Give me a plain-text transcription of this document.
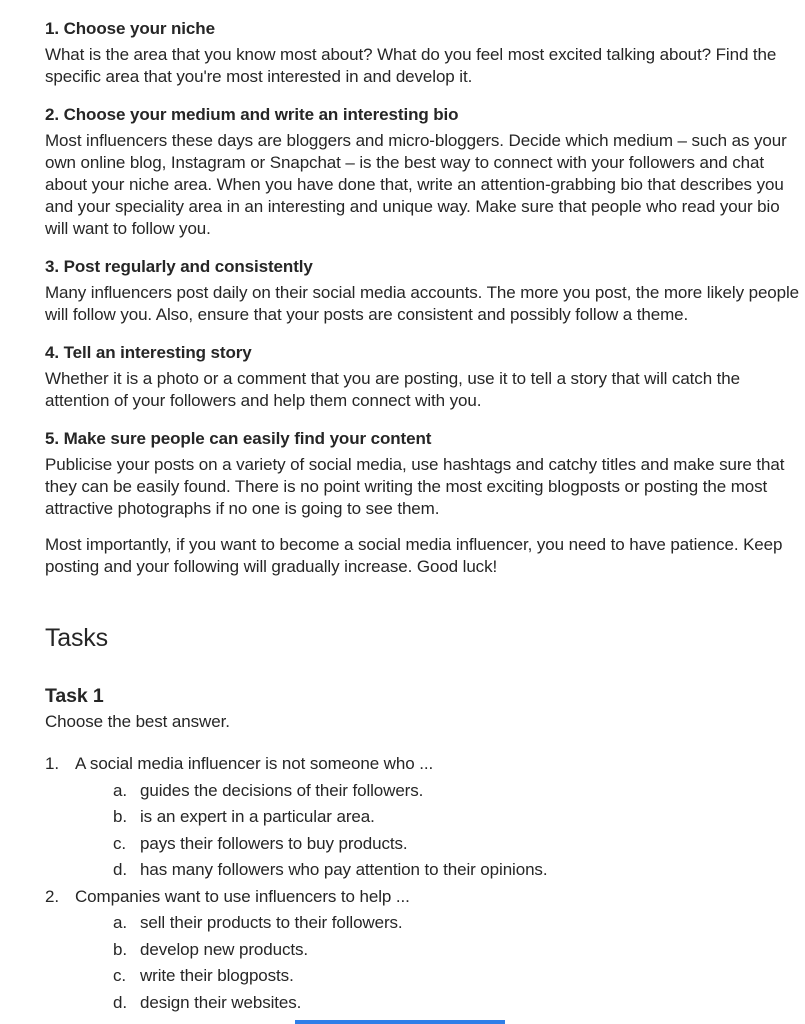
1. Choose your niche

What is the area that you know most about? What do you feel most excited talking about? Find the specific area that you're most interested in and develop it.

2. Choose your medium and write an interesting bio

Most influencers these days are bloggers and micro-bloggers. Decide which medium – such as your own online blog, Instagram or Snapchat – is the best way to connect with your followers and chat about your niche area. When you have done that, write an attention-grabbing bio that describes you and your speciality area in an interesting and unique way. Make sure that people who read your bio will want to follow you.

3. Post regularly and consistently

Many influencers post daily on their social media accounts. The more you post, the more likely people will follow you. Also, ensure that your posts are consistent and possibly follow a theme.

4. Tell an interesting story

Whether it is a photo or a comment that you are posting, use it to tell a story that will catch the attention of your followers and help them connect with you.

5. Make sure people can easily find your content

Publicise your posts on a variety of social media, use hashtags and catchy titles and make sure that they can be easily found. There is no point writing the most exciting blogposts or posting the most attractive photographs if no one is going to see them.

Most importantly, if you want to become a social media influencer, you need to have patience. Keep posting and your following will gradually increase. Good luck!

Tasks
Task 1
Choose the best answer.
1. A social media influencer is not someone who ...
a. guides the decisions of their followers.
b. is an expert in a particular area.
c. pays their followers to buy products.
d. has many followers who pay attention to their opinions.
2. Companies want to use influencers to help ...
a. sell their products to their followers.
b. develop new products.
c. write their blogposts.
d. design their websites.
